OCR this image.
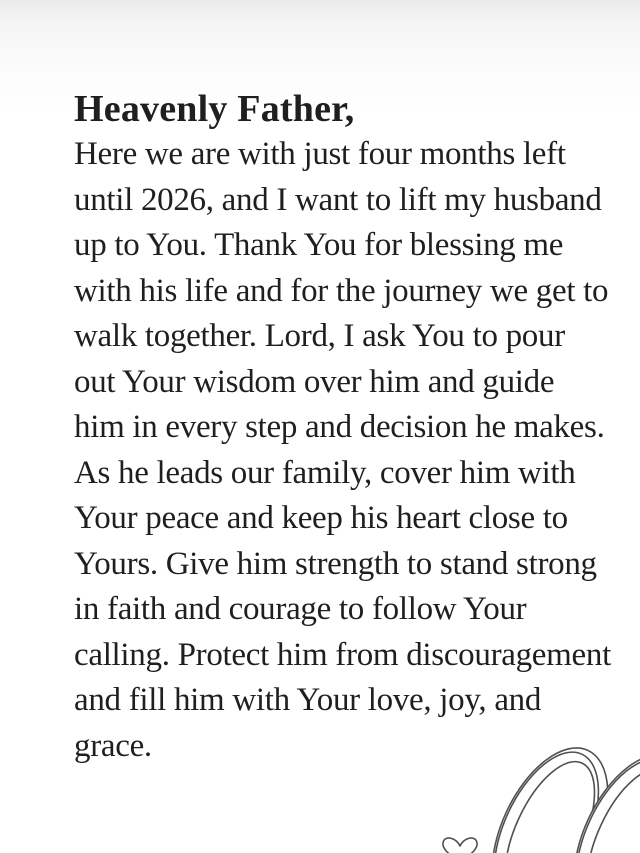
Heavenly Father,
Here we are with just four months left
until 2026, and I want to lift my husband
up to You. Thank You for blessing me
with his life and for the journey we get to
walk together. Lord, I ask You to pour
out Your wisdom over him and guide
him in every step and decision he makes.
As he leads our family, cover him with
Your peace and keep his heart close to
Yours. Give him strength to stand strong
in faith and courage to follow Your
calling. Protect him from discouragement
and fill him with Your love, joy, and
grace.
